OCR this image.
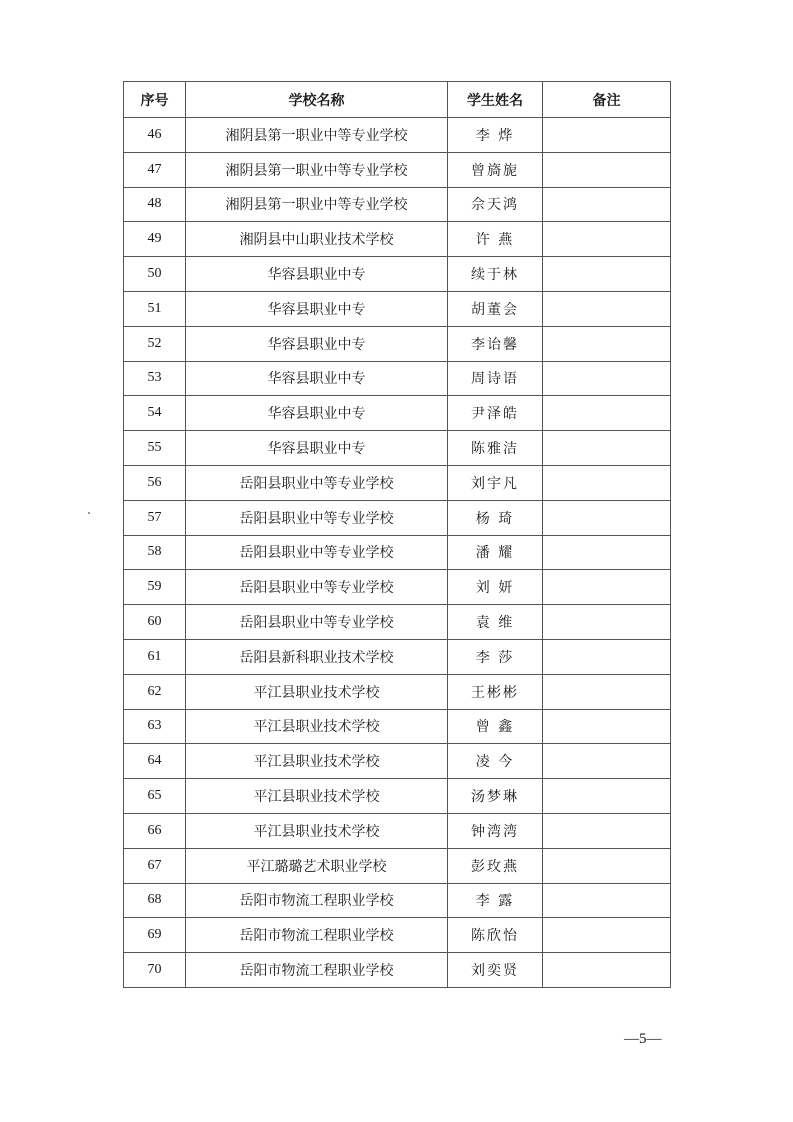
序号	学校名称	学生姓名	备注
46	湘阴县第一职业中等专业学校	李 烨	
47	湘阴县第一职业中等专业学校	曾旖旎	
48	湘阴县第一职业中等专业学校	佘天鸿	
49	湘阴县中山职业技术学校	许 燕	
50	华容县职业中专	续于林	
51	华容县职业中专	胡董会	
52	华容县职业中专	李诒馨	
53	华容县职业中专	周诗语	
54	华容县职业中专	尹泽皓	
55	华容县职业中专	陈雅洁	
56	岳阳县职业中等专业学校	刘宇凡	
57	岳阳县职业中等专业学校	杨 琦	
58	岳阳县职业中等专业学校	潘 耀	
59	岳阳县职业中等专业学校	刘 妍	
60	岳阳县职业中等专业学校	袁 维	
61	岳阳县新科职业技术学校	李 莎	
62	平江县职业技术学校	王彬彬	
63	平江县职业技术学校	曾 鑫	
64	平江县职业技术学校	凌 今	
65	平江县职业技术学校	汤梦琳	
66	平江县职业技术学校	钟湾湾	
67	平江璐璐艺术职业学校	彭玫燕	
68	岳阳市物流工程职业学校	李 露	
69	岳阳市物流工程职业学校	陈欣怡	
70	岳阳市物流工程职业学校	刘奕贤	
—5—
